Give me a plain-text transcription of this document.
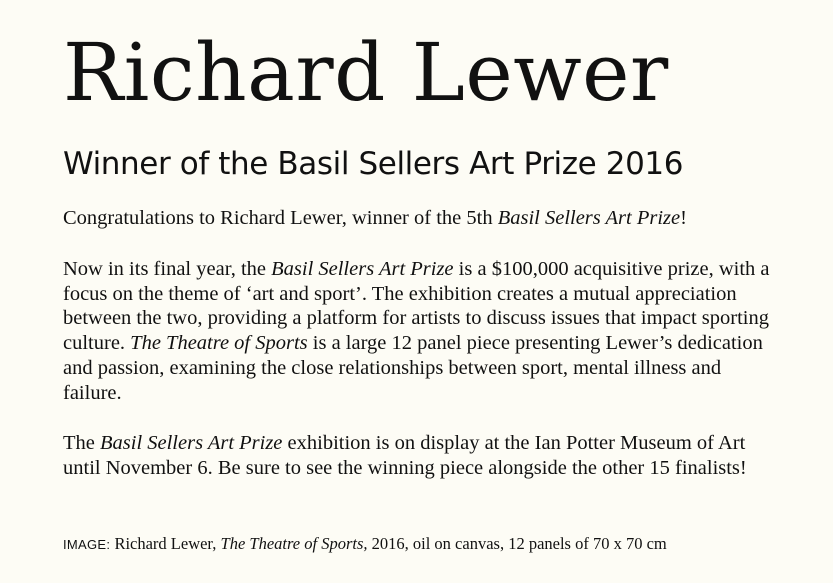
Richard Lewer
Winner of the Basil Sellers Art Prize 2016

Congratulations to Richard Lewer, winner of the 5th Basil Sellers Art Prize!

Now in its final year, the Basil Sellers Art Prize is a $100,000 acquisitive prize, with a focus on the theme of ‘art and sport’. The exhibition creates a mutual appreciation between the two, providing a platform for artists to discuss issues that impact sporting culture. The Theatre of Sports is a large 12 panel piece presenting Lewer’s dedication and passion, examining the close relationships between sport, mental illness and failure.

The Basil Sellers Art Prize exhibition is on display at the Ian Potter Museum of Art until November 6. Be sure to see the winning piece alongside the other 15 finalists!

IMAGE: Richard Lewer, The Theatre of Sports, 2016, oil on canvas, 12 panels of 70 x 70 cm
